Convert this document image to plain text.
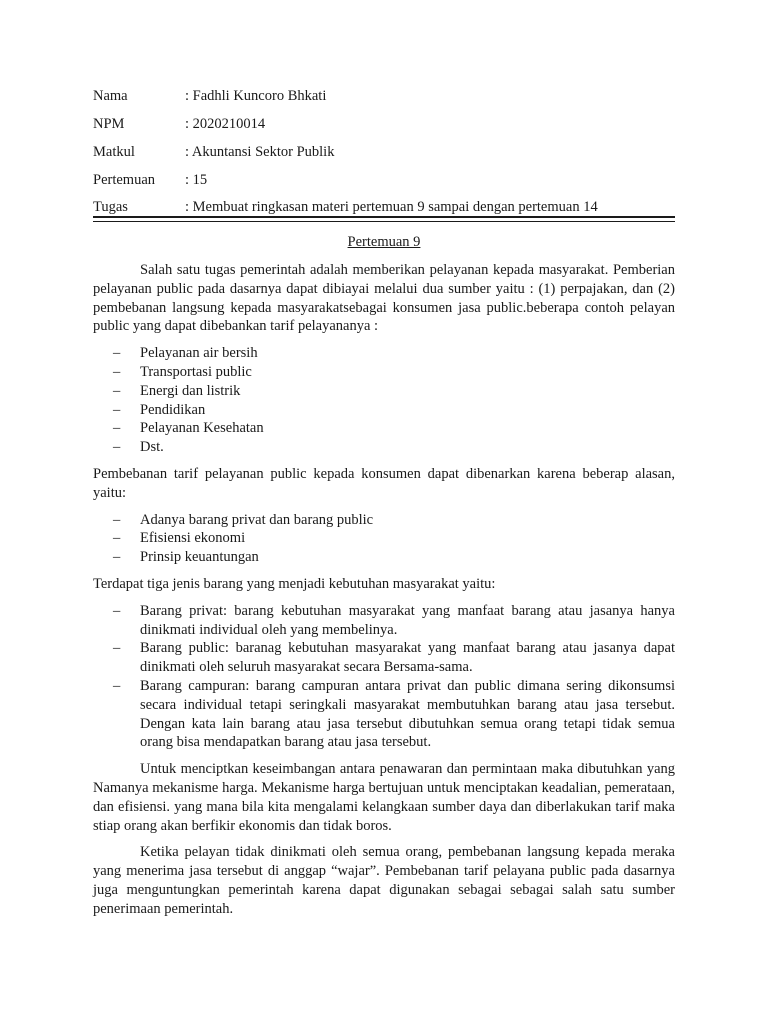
Nama	: Fadhli Kuncoro Bhkati
NPM	: 2020210014
Matkul	: Akuntansi Sektor Publik
Pertemuan : 15
Tugas	: Membuat ringkasan materi pertemuan 9 sampai dengan pertemuan 14
Pertemuan 9

Salah satu tugas pemerintah adalah memberikan pelayanan kepada masyarakat. Pemberian pelayanan public pada dasarnya dapat dibiayai melalui dua sumber yaitu : (1) perpajakan, dan (2) pembebanan langsung kepada masyarakatsebagai konsumen jasa public.beberapa contoh pelayan public yang dapat dibebankan tarif pelayananya :

– Pelayanan air bersih
– Transportasi public
– Energi dan listrik
– Pendidikan
– Pelayanan Kesehatan
– Dst.

Pembebanan tarif pelayanan public kepada konsumen dapat dibenarkan karena beberap alasan, yaitu:

– Adanya barang privat dan barang public
– Efisiensi ekonomi
– Prinsip keuantungan

Terdapat tiga jenis barang yang menjadi kebutuhan masyarakat yaitu:

– Barang privat: barang kebutuhan masyarakat yang manfaat barang atau jasanya hanya dinikmati individual oleh yang membelinya.
– Barang public: baranag kebutuhan masyarakat yang manfaat barang atau jasanya dapat dinikmati oleh seluruh masyarakat secara Bersama-sama.
– Barang campuran: barang campuran antara privat dan public dimana sering dikonsumsi secara individual tetapi seringkali masyarakat membutuhkan barang atau jasa tersebut. Dengan kata lain barang atau jasa tersebut dibutuhkan semua orang tetapi tidak semua orang bisa mendapatkan barang atau jasa tersebut.

Untuk menciptkan keseimbangan antara penawaran dan permintaan maka dibutuhkan yang Namanya mekanisme harga. Mekanisme harga bertujuan untuk menciptakan keadalian, pemerataan, dan efisiensi. yang mana bila kita mengalami kelangkaan sumber daya dan diberlakukan tarif maka stiap orang akan berfikir ekonomis dan tidak boros.

Ketika pelayan tidak dinikmati oleh semua orang, pembebanan langsung kepada meraka yang menerima jasa tersebut di anggap “wajar”. Pembebanan tarif pelayana public pada dasarnya juga menguntungkan pemerintah karena dapat digunakan sebagai sebagai salah satu sumber penerimaan pemerintah.
